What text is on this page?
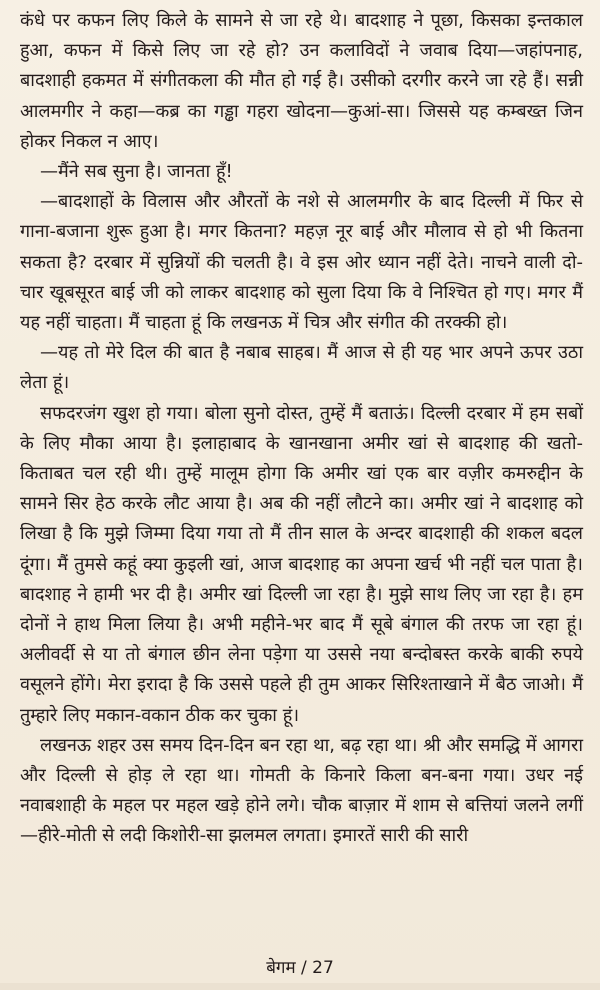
कंधे पर कफन लिए किले के सामने से जा रहे थे। बादशाह ने पूछा, किसका इन्तकाल हुआ, कफन में किसे लिए जा रहे हो? उन कलाविदों ने जवाब दिया—जहांपनाह, बादशाही हकमत में संगीतकला की मौत हो गई है। उसीको दरगीर करने जा रहे हैं। सन्नी आलमगीर ने कहा—कब्र का गड्ढा गहरा खोदना—कुआं-सा। जिससे यह कम्बख्त जिन होकर निकल न आए।

—मैंने सब सुना है। जानता हूँ!

—बादशाहों के विलास और औरतों के नशे से आलमगीर के बाद दिल्ली में फिर से गाना-बजाना शुरू हुआ है। मगर कितना? महज़ नूर बाई और मौलाव से हो भी कितना सकता है? दरबार में सुन्नियों की चलती है। वे इस ओर ध्यान नहीं देते। नाचने वाली दो-चार खूबसूरत बाई जी को लाकर बादशाह को सुला दिया कि वे निश्चित हो गए। मगर मैं यह नहीं चाहता। मैं चाहता हूं कि लखनऊ में चित्र और संगीत की तरक्की हो।

—यह तो मेरे दिल की बात है नबाब साहब। मैं आज से ही यह भार अपने ऊपर उठा लेता हूं।

सफदरजंग खुश हो गया। बोला सुनो दोस्त, तुम्हें मैं बताऊं। दिल्ली दरबार में हम सबों के लिए मौका आया है। इलाहाबाद के खानखाना अमीर खां से बादशाह की खतो-किताबत चल रही थी। तुम्हें मालूम होगा कि अमीर खां एक बार वज़ीर कमरुद्दीन के सामने सिर हेठ करके लौट आया है। अब की नहीं लौटने का। अमीर खां ने बादशाह को लिखा है कि मुझे जिम्मा दिया गया तो मैं तीन साल के अन्दर बादशाही की शकल बदल दूंगा। मैं तुमसे कहूं क्या कुइली खां, आज बादशाह का अपना खर्च भी नहीं चल पाता है। बादशाह ने हामी भर दी है। अमीर खां दिल्ली जा रहा है। मुझे साथ लिए जा रहा है। हम दोनों ने हाथ मिला लिया है। अभी महीने-भर बाद मैं सूबे बंगाल की तरफ जा रहा हूं। अलीवर्दी से या तो बंगाल छीन लेना पड़ेगा या उससे नया बन्दोबस्त करके बाकी रुपये वसूलने होंगे। मेरा इरादा है कि उससे पहले ही तुम आकर सिरिश्ताखाने में बैठ जाओ। मैं तुम्हारे लिए मकान-वकान ठीक कर चुका हूं।

लखनऊ शहर उस समय दिन-दिन बन रहा था, बढ़ रहा था। श्री और समद्धि में आगरा और दिल्ली से होड़ ले रहा था। गोमती के किनारे किला बन-बना गया। उधर नई नवाबशाही के महल पर महल खड़े होने लगे। चौक बाज़ार में शाम से बत्तियां जलने लगीं—हीरे-मोती से लदी किशोरी-सा झलमल लगता। इमारतें सारी की सारी

बेगम / 27
